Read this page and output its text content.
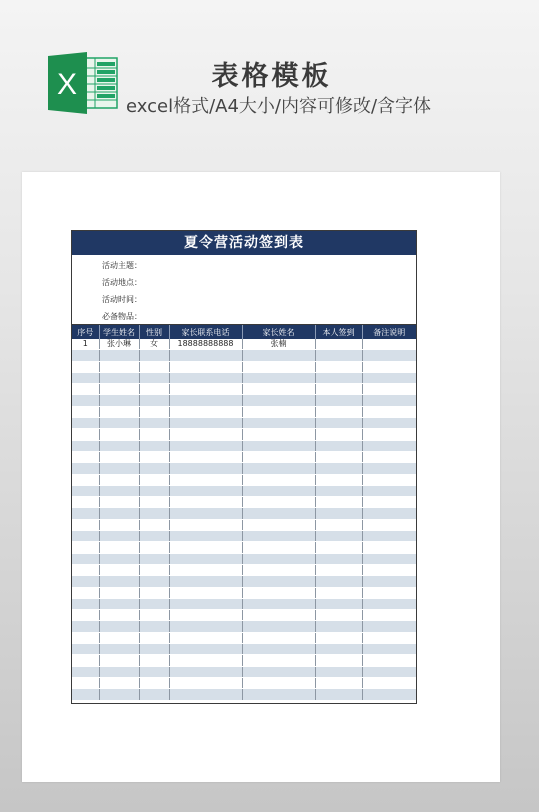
X	表格模板
excel格式/A4大小/内容可修改/含字体
夏令营活动签到表
活动主题：
活动地点：
活动时间：
必备物品：
序号	学生姓名	性别	家长联系电话	家长姓名	本人签到	备注说明
1	张小琳	女	18888888888	张楠		
